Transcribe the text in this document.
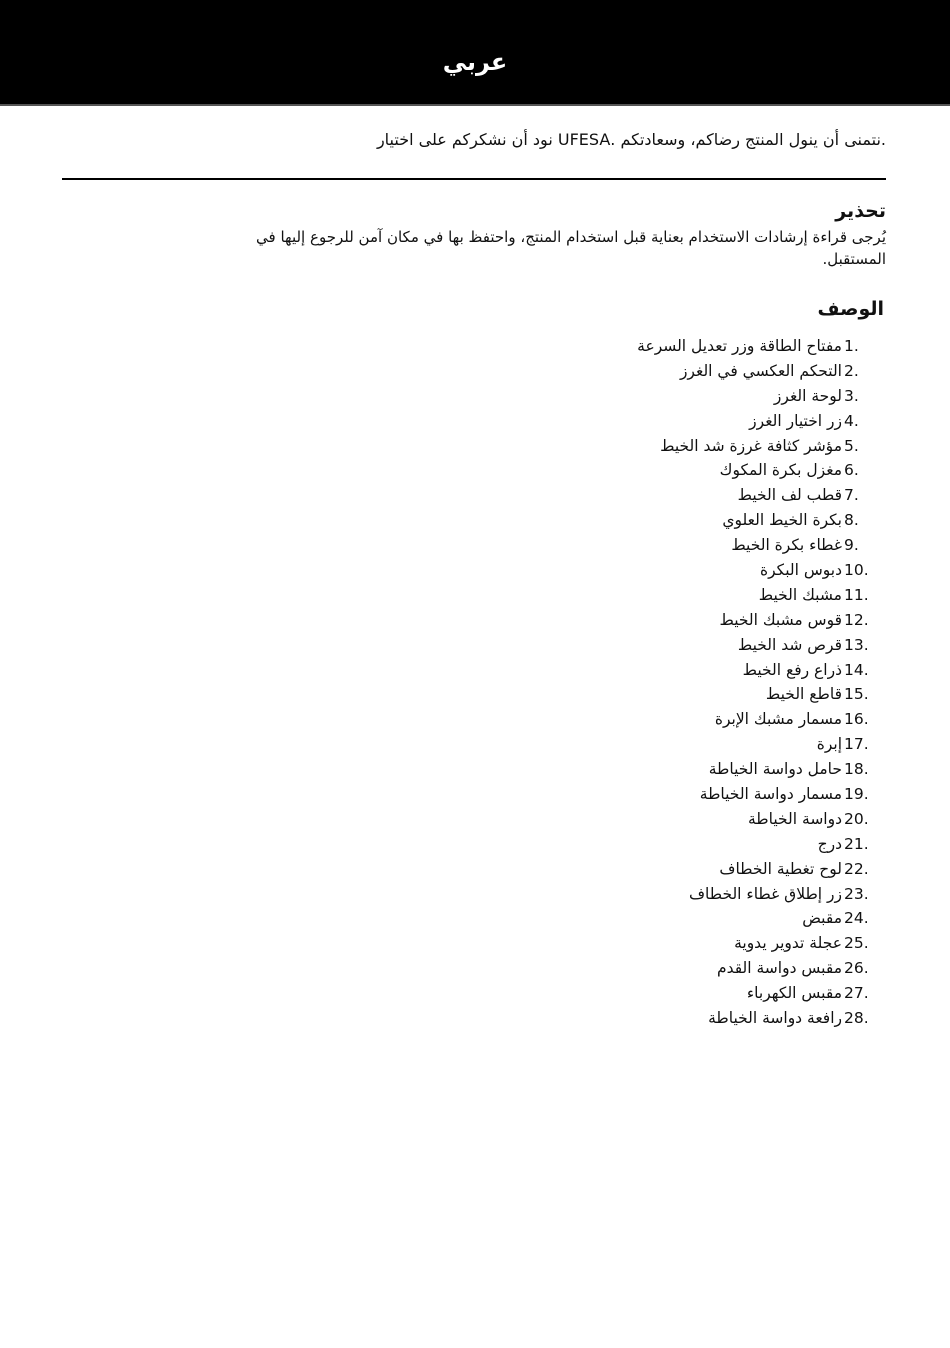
عربي
.نتمنى أن ينول المنتج رضاكم، وسعادتكم .UFESA نود أن نشكركم على اختيار
تحذير
يُرجى قراءة إرشادات الاستخدام بعناية قبل استخدام المنتج، واحتفظ بها في مكان آمن للرجوع إليها في المستقبل.
الوصف
1.
مفتاح الطاقة وزر تعديل السرعة
2.
التحكم العكسي في الغرز
3.
لوحة الغرز
4.
زر اختيار الغرز
5.
مؤشر كثافة غرزة شد الخيط
6.
مغزل بكرة المكوك
7.
قطب لف الخيط
8.
بكرة الخيط العلوي
9.
غطاء بكرة الخيط
10.
دبوس البكرة
11.
مشبك الخيط
12.
قوس مشبك الخيط
13.
قرص شد الخيط
14.
ذراع رفع الخيط
15.
قاطع الخيط
16.
مسمار مشبك الإبرة
17.
إبرة
18.
حامل دواسة الخياطة
19.
مسمار دواسة الخياطة
20.
دواسة الخياطة
21.
درج
22.
لوح تغطية الخطاف
23.
زر إطلاق غطاء الخطاف
24.
مقبض
25.
عجلة تدوير يدوية
26.
مقبس دواسة القدم
27.
مقبس الكهرباء
28.
رافعة دواسة الخياطة
